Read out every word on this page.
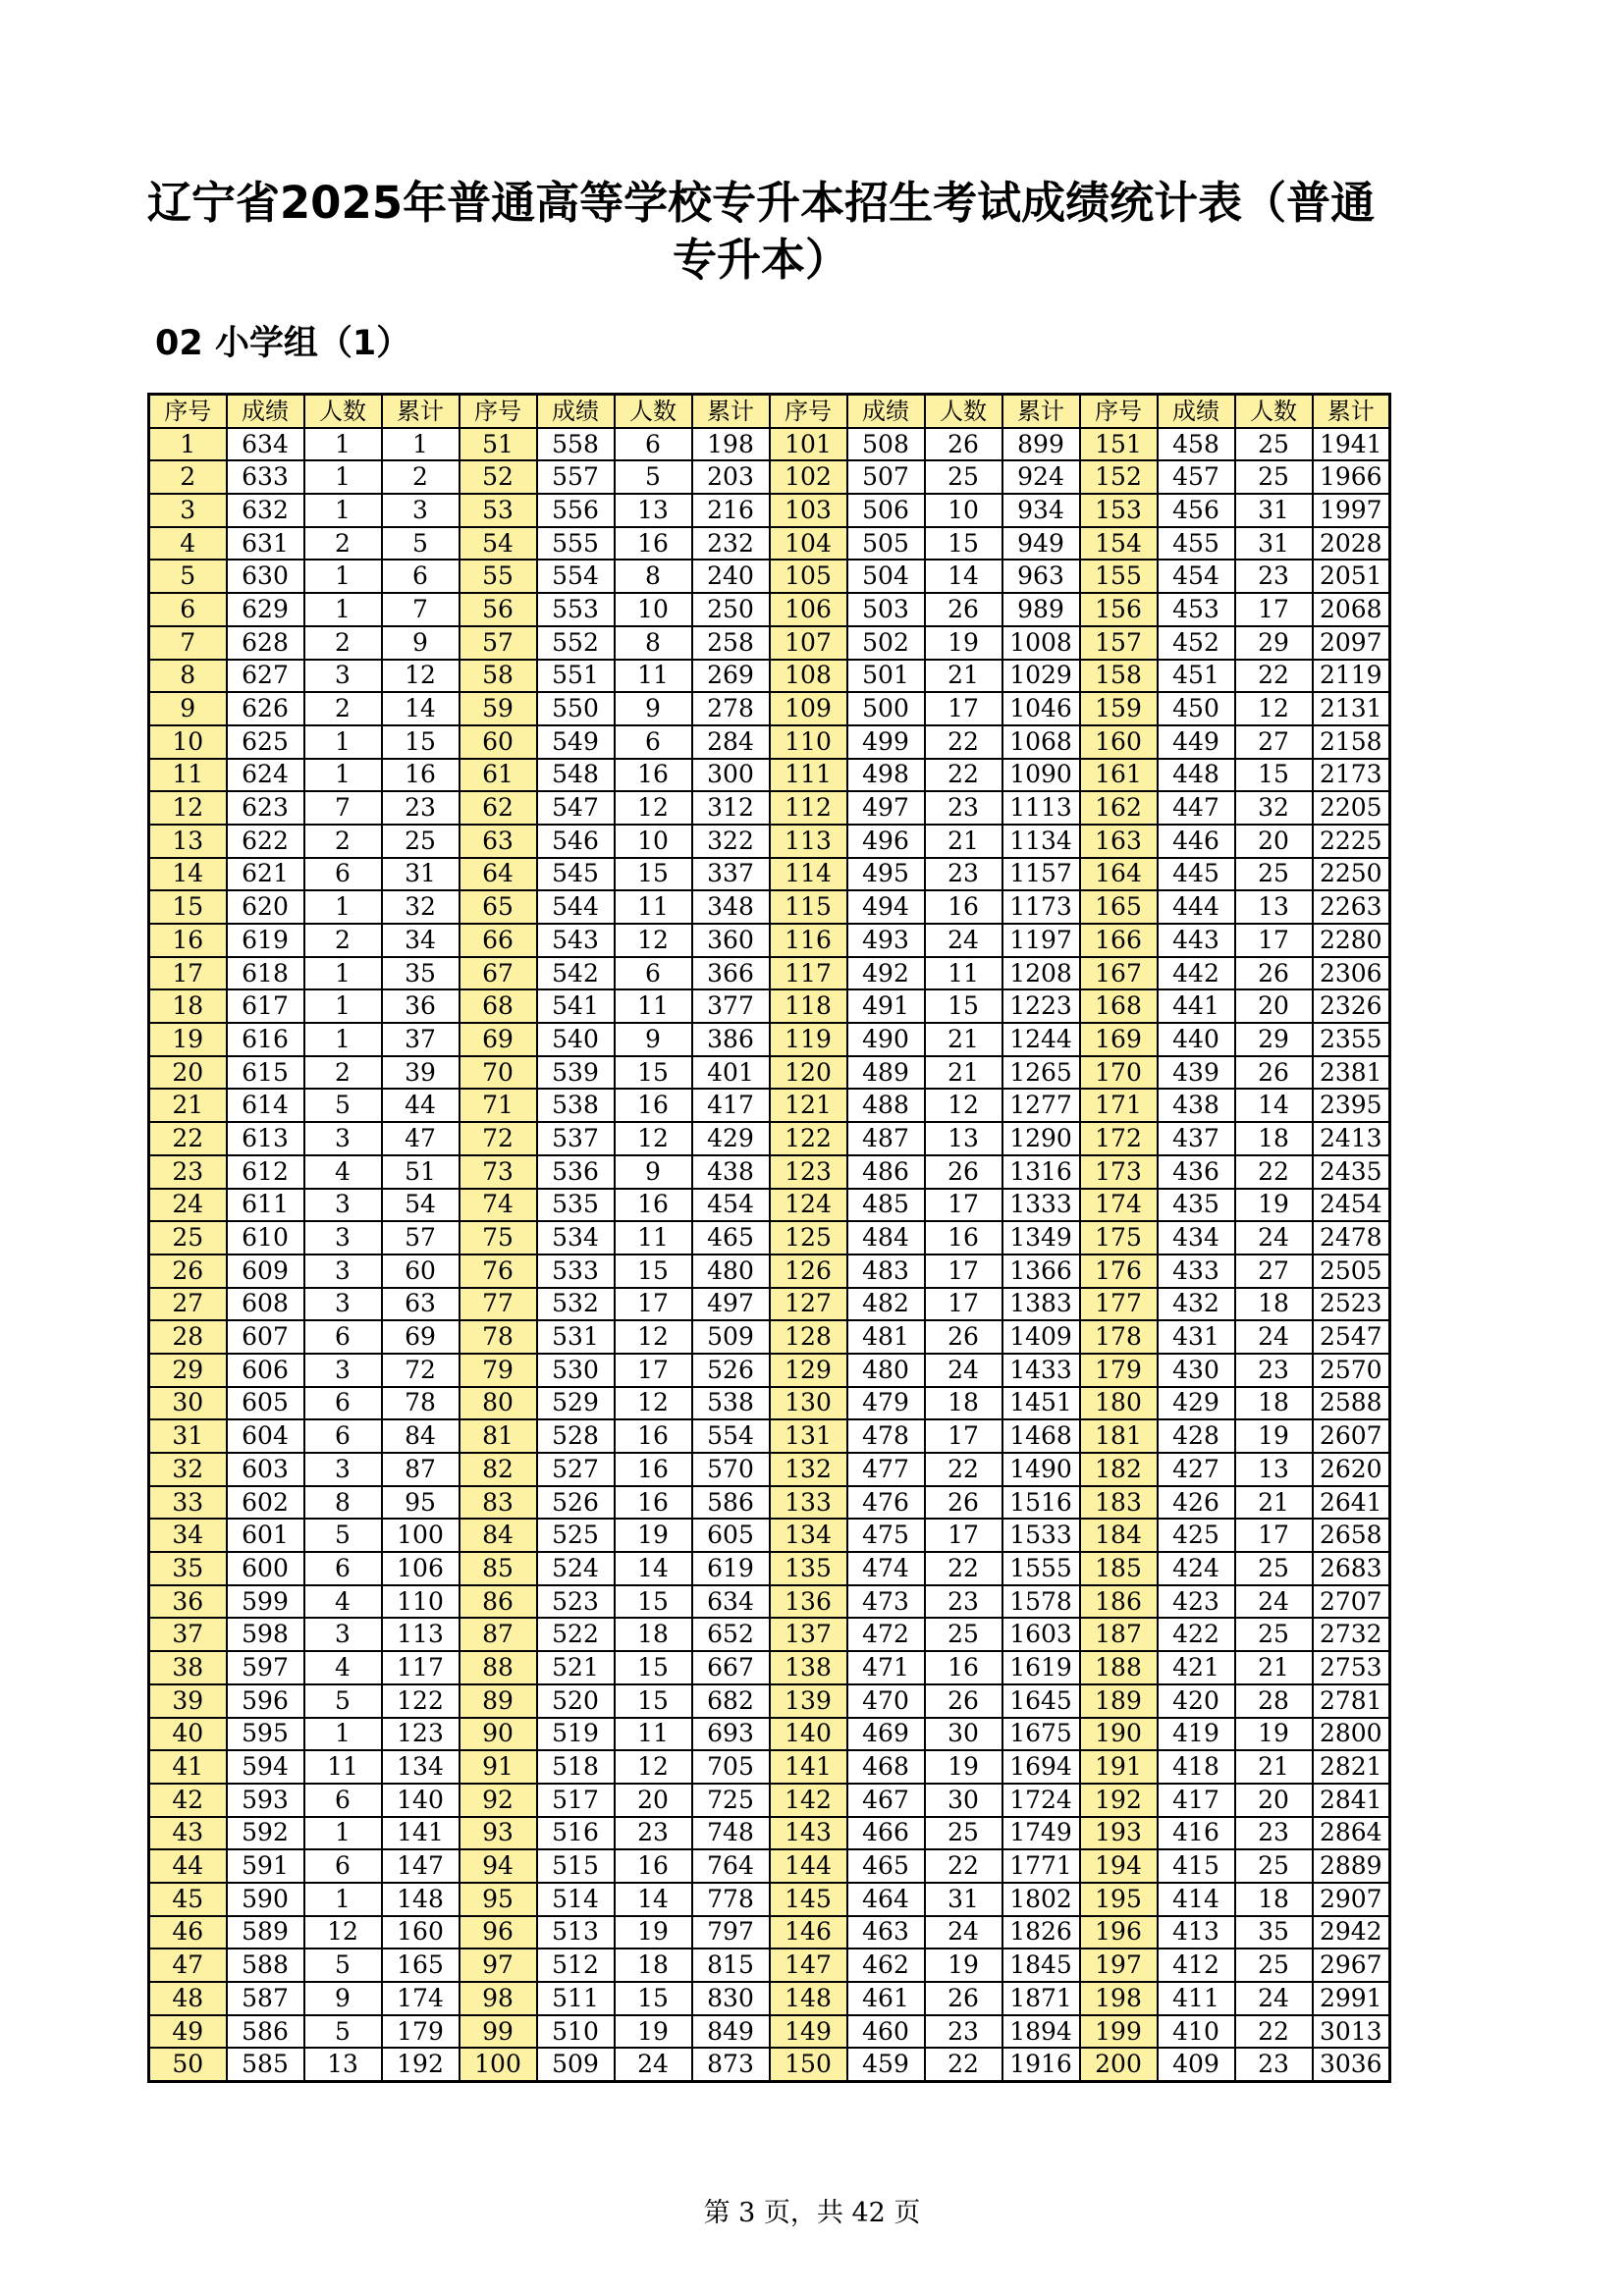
辽宁省2025年普通高等学校专升本招生考试成绩统计表（普通
专升本）
02 小学组（1）
序号	成绩	人数	累计	序号	成绩	人数	累计	序号	成绩	人数	累计	序号	成绩	人数	累计
1	634	1	1	51	558	6	198	101	508	26	899	151	458	25	1941
2	633	1	2	52	557	5	203	102	507	25	924	152	457	25	1966
3	632	1	3	53	556	13	216	103	506	10	934	153	456	31	1997
4	631	2	5	54	555	16	232	104	505	15	949	154	455	31	2028
5	630	1	6	55	554	8	240	105	504	14	963	155	454	23	2051
6	629	1	7	56	553	10	250	106	503	26	989	156	453	17	2068
7	628	2	9	57	552	8	258	107	502	19	1008	157	452	29	2097
8	627	3	12	58	551	11	269	108	501	21	1029	158	451	22	2119
9	626	2	14	59	550	9	278	109	500	17	1046	159	450	12	2131
10	625	1	15	60	549	6	284	110	499	22	1068	160	449	27	2158
11	624	1	16	61	548	16	300	111	498	22	1090	161	448	15	2173
12	623	7	23	62	547	12	312	112	497	23	1113	162	447	32	2205
13	622	2	25	63	546	10	322	113	496	21	1134	163	446	20	2225
14	621	6	31	64	545	15	337	114	495	23	1157	164	445	25	2250
15	620	1	32	65	544	11	348	115	494	16	1173	165	444	13	2263
16	619	2	34	66	543	12	360	116	493	24	1197	166	443	17	2280
17	618	1	35	67	542	6	366	117	492	11	1208	167	442	26	2306
18	617	1	36	68	541	11	377	118	491	15	1223	168	441	20	2326
19	616	1	37	69	540	9	386	119	490	21	1244	169	440	29	2355
20	615	2	39	70	539	15	401	120	489	21	1265	170	439	26	2381
21	614	5	44	71	538	16	417	121	488	12	1277	171	438	14	2395
22	613	3	47	72	537	12	429	122	487	13	1290	172	437	18	2413
23	612	4	51	73	536	9	438	123	486	26	1316	173	436	22	2435
24	611	3	54	74	535	16	454	124	485	17	1333	174	435	19	2454
25	610	3	57	75	534	11	465	125	484	16	1349	175	434	24	2478
26	609	3	60	76	533	15	480	126	483	17	1366	176	433	27	2505
27	608	3	63	77	532	17	497	127	482	17	1383	177	432	18	2523
28	607	6	69	78	531	12	509	128	481	26	1409	178	431	24	2547
29	606	3	72	79	530	17	526	129	480	24	1433	179	430	23	2570
30	605	6	78	80	529	12	538	130	479	18	1451	180	429	18	2588
31	604	6	84	81	528	16	554	131	478	17	1468	181	428	19	2607
32	603	3	87	82	527	16	570	132	477	22	1490	182	427	13	2620
33	602	8	95	83	526	16	586	133	476	26	1516	183	426	21	2641
34	601	5	100	84	525	19	605	134	475	17	1533	184	425	17	2658
35	600	6	106	85	524	14	619	135	474	22	1555	185	424	25	2683
36	599	4	110	86	523	15	634	136	473	23	1578	186	423	24	2707
37	598	3	113	87	522	18	652	137	472	25	1603	187	422	25	2732
38	597	4	117	88	521	15	667	138	471	16	1619	188	421	21	2753
39	596	5	122	89	520	15	682	139	470	26	1645	189	420	28	2781
40	595	1	123	90	519	11	693	140	469	30	1675	190	419	19	2800
41	594	11	134	91	518	12	705	141	468	19	1694	191	418	21	2821
42	593	6	140	92	517	20	725	142	467	30	1724	192	417	20	2841
43	592	1	141	93	516	23	748	143	466	25	1749	193	416	23	2864
44	591	6	147	94	515	16	764	144	465	22	1771	194	415	25	2889
45	590	1	148	95	514	14	778	145	464	31	1802	195	414	18	2907
46	589	12	160	96	513	19	797	146	463	24	1826	196	413	35	2942
47	588	5	165	97	512	18	815	147	462	19	1845	197	412	25	2967
48	587	9	174	98	511	15	830	148	461	26	1871	198	411	24	2991
49	586	5	179	99	510	19	849	149	460	23	1894	199	410	22	3013
50	585	13	192	100	509	24	873	150	459	22	1916	200	409	23	3036
第 3 页，共 42 页
